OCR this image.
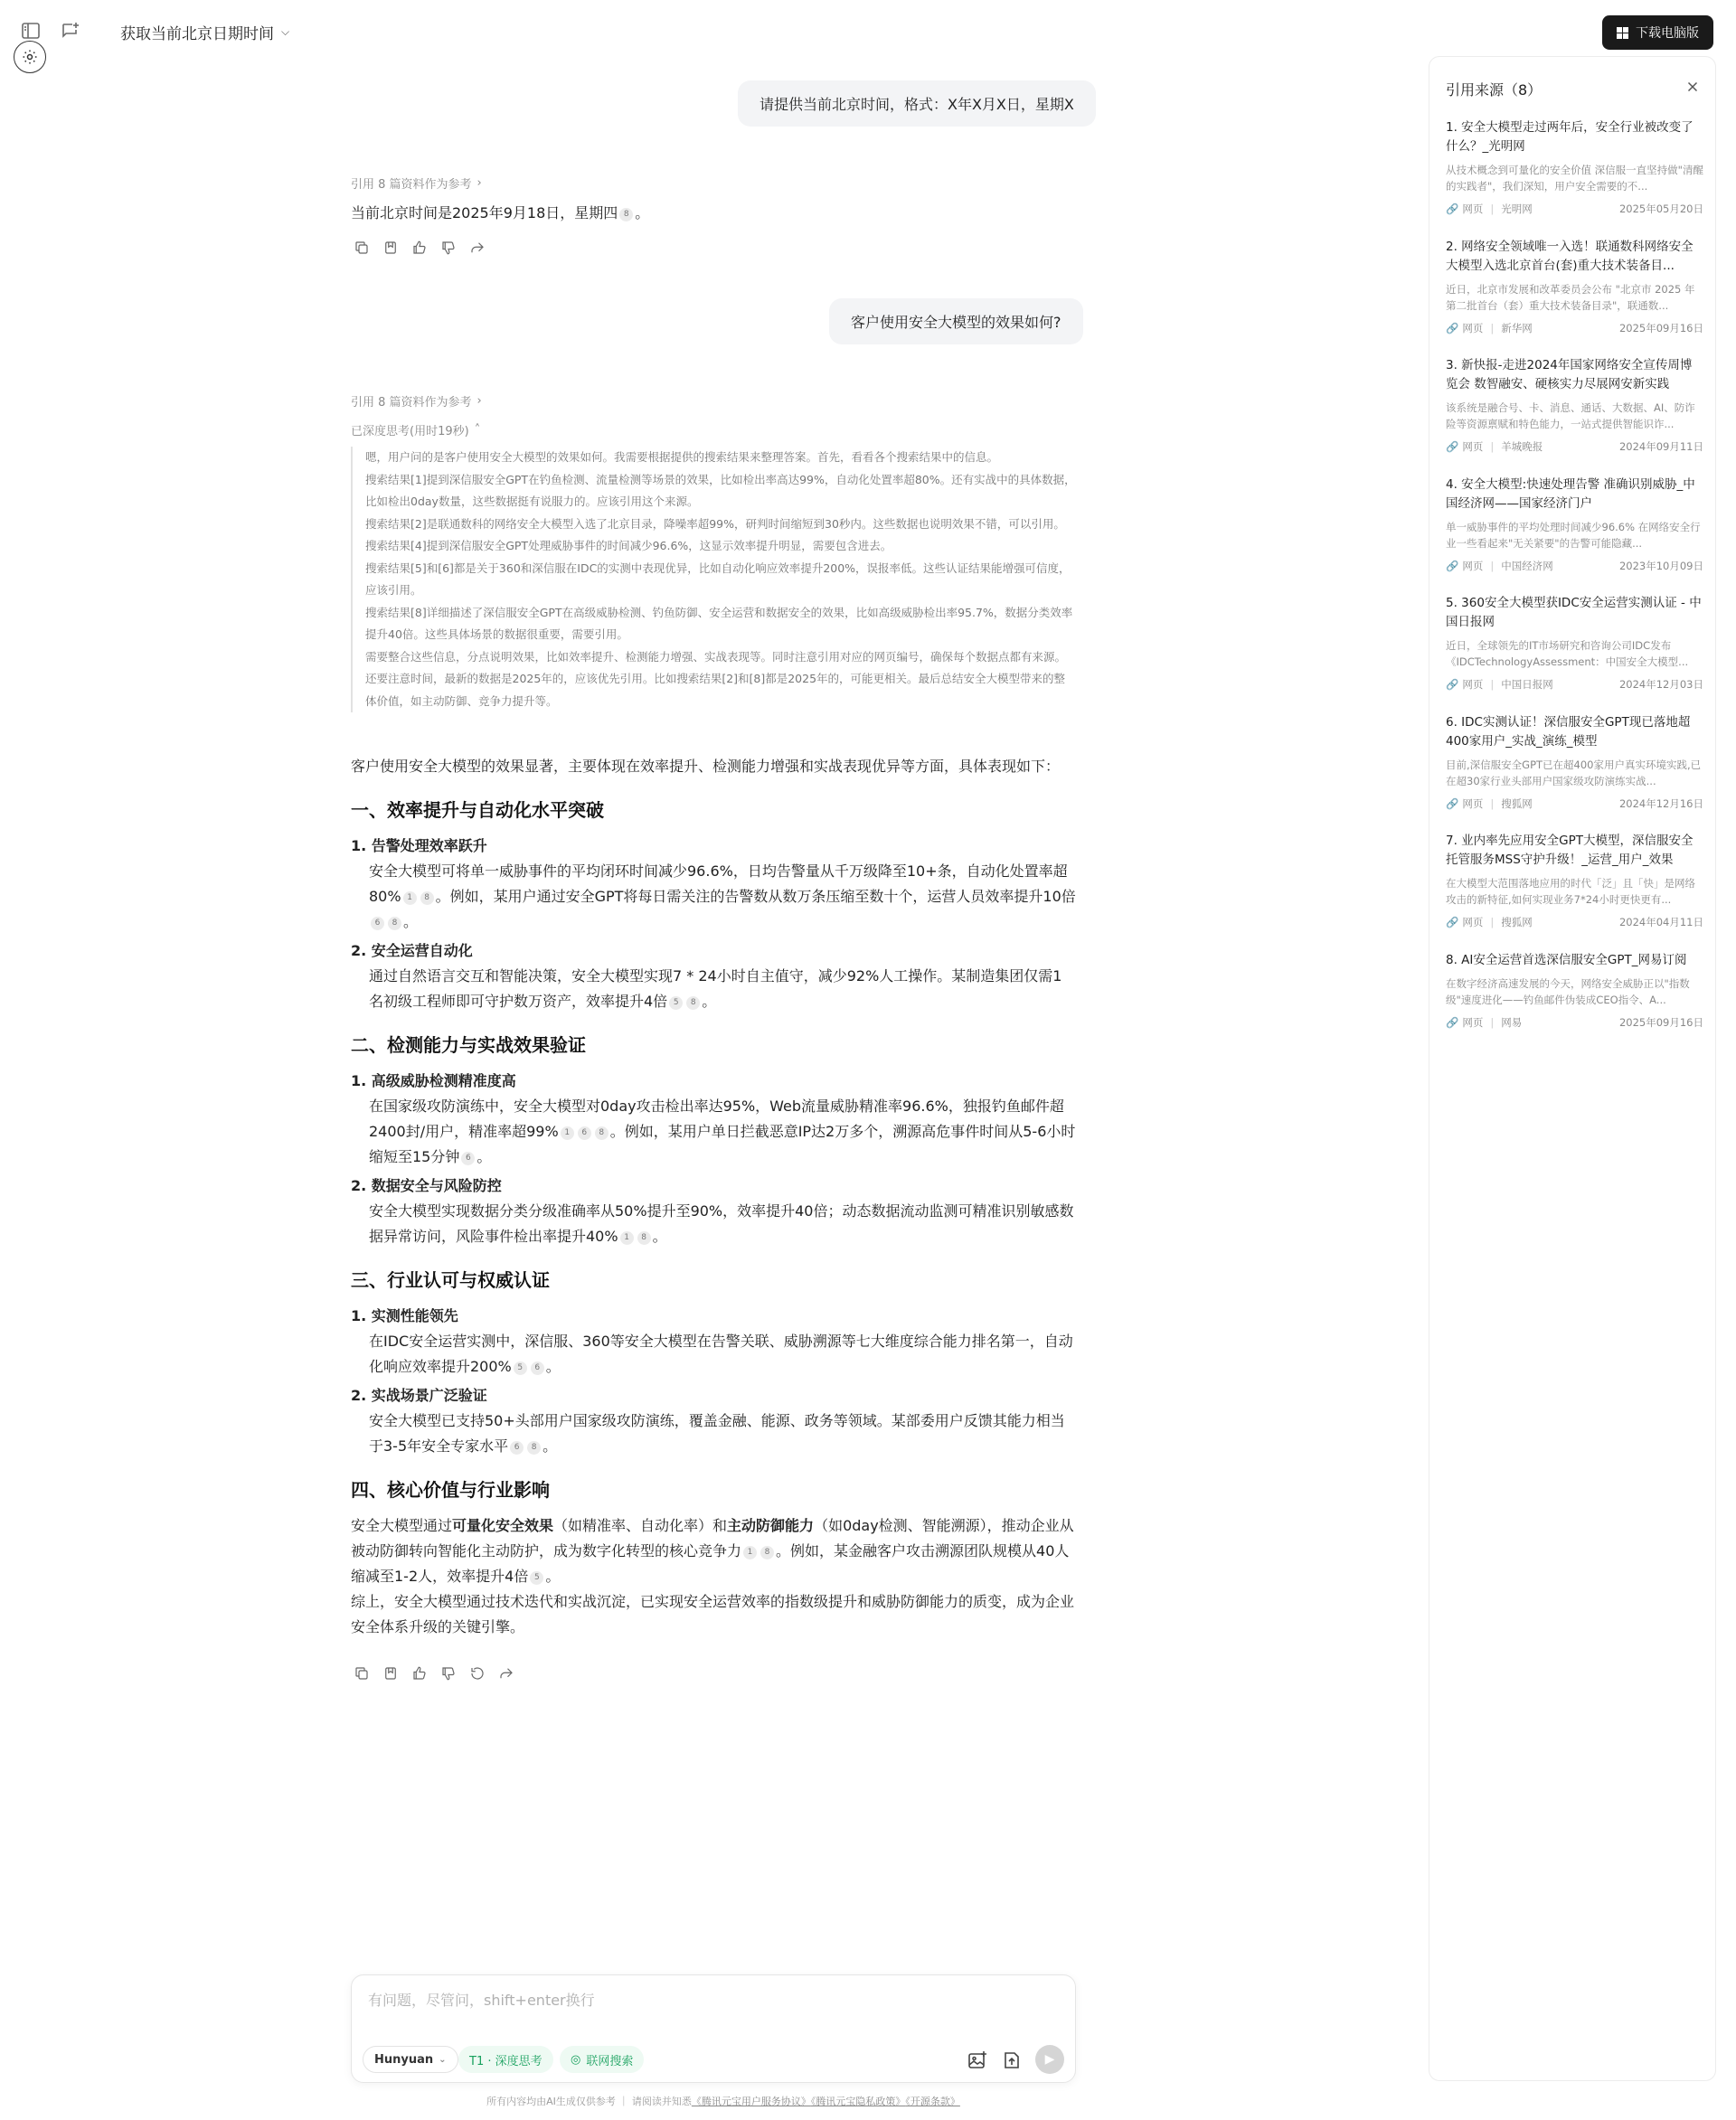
获取当前北京日期时间 ⌵	下载电脑版
请提供当前北京时间，格式：X年X月X日，星期X
引用 8 篇资料作为参考 ›
当前北京时间是2025年9月18日，星期四 8 。
客户使用安全大模型的效果如何?
引用 8 篇资料作为参考 ›
已深度思考(用时19秒) ˄

嗯，用户问的是客户使用安全大模型的效果如何。我需要根据提供的搜索结果来整理答案。首先，看看各个搜索结果中的信息。

搜索结果[1]提到深信服安全GPT在钓鱼检测、流量检测等场景的效果，比如检出率高达99%，自动化处置率超80%。还有实战中的具体数据，比如检出0day数量，这些数据挺有说服力的。应该引用这个来源。

搜索结果[2]是联通数科的网络安全大模型入选了北京目录，降噪率超99%，研判时间缩短到30秒内。这些数据也说明效果不错，可以引用。

搜索结果[4]提到深信服安全GPT处理威胁事件的时间减少96.6%，这显示效率提升明显，需要包含进去。

搜索结果[5]和[6]都是关于360和深信服在IDC的实测中表现优异，比如自动化响应效率提升200%，误报率低。这些认证结果能增强可信度，应该引用。

搜索结果[8]详细描述了深信服安全GPT在高级威胁检测、钓鱼防御、安全运营和数据安全的效果，比如高级威胁检出率95.7%，数据分类效率提升40倍。这些具体场景的数据很重要，需要引用。

需要整合这些信息，分点说明效果，比如效率提升、检测能力增强、实战表现等。同时注意引用对应的网页编号，确保每个数据点都有来源。还要注意时间，最新的数据是2025年的，应该优先引用。比如搜索结果[2]和[8]都是2025年的，可能更相关。最后总结安全大模型带来的整体价值，如主动防御、竞争力提升等。

客户使用安全大模型的效果显著，主要体现在效率提升、检测能力增强和实战表现优异等方面，具体表现如下：
一、效率提升与自动化水平突破
1. 告警处理效率跃升
安全大模型可将单一威胁事件的平均闭环时间减少96.6%，日均告警量从千万级降至10+条，自动化处置率超80% 1 8 。例如，某用户通过安全GPT将每日需关注的告警数从数万条压缩至数十个，运营人员效率提升10倍
6 8 。
2. 安全运营自动化
通过自然语言交互和智能决策，安全大模型实现7 * 24小时自主值守，减少92%人工操作。某制造集团仅需1名初级工程师即可守护数万资产，效率提升4倍 5 8 。
二、检测能力与实战效果验证
1. 高级威胁检测精准度高
在国家级攻防演练中，安全大模型对0day攻击检出率达95%，Web流量威胁精准率96.6%，独报钓鱼邮件超2400封/用户，精准率超99% 1 6 8 。例如，某用户单日拦截恶意IP达2万多个，溯源高危事件时间从5-6小时缩短至15分钟 6 。
2. 数据安全与风险防控
安全大模型实现数据分类分级准确率从50%提升至90%，效率提升40倍；动态数据流动监测可精准识别敏感数据异常访问，风险事件检出率提升40% 1 8 。
三、行业认可与权威认证
1. 实测性能领先
在IDC安全运营实测中，深信服、360等安全大模型在告警关联、威胁溯源等七大维度综合能力排名第一，自动化响应效率提升200% 5 6 。
2. 实战场景广泛验证
安全大模型已支持50+头部用户国家级攻防演练，覆盖金融、能源、政务等领域。某部委用户反馈其能力相当于3-5年安全专家水平 6 8 。
四、核心价值与行业影响
安全大模型通过可量化安全效果（如精准率、自动化率）和主动防御能力（如0day检测、智能溯源），推动企业从被动防御转向智能化主动防护，成为数字化转型的核心竞争力 1 8 。例如，某金融客户攻击溯源团队规模从40人缩减至1-2人，效率提升4倍 5 。
综上，安全大模型通过技术迭代和实战沉淀，已实现安全运营效率的指数级提升和威胁防御能力的质变，成为企业安全体系升级的关键引擎。
有问题，尽管问，shift+enter换行
Hunyuan ⌄ T1 · 深度思考 ◎ 联网搜索	▶
所有内容均由AI生成仅供参考 ｜ 请阅读并知悉《腾讯元宝用户服务协议》《腾讯元宝隐私政策》《开源条款》
引用来源（8）
1. 安全大模型走过两年后，安全行业被改变了什么？_光明网
从技术概念到可量化的安全价值 深信服一直坚持做"清醒的实践者"，我们深知，用户安全需要的不...
🔗 网页 | 光明网	2025年05月20日
2. 网络安全领域唯一入选！联通数科网络安全大模型入选北京首台(套)重大技术装备目...
近日，北京市发展和改革委员会公布 "北京市 2025 年第二批首台（套）重大技术装备目录"，联通数...
🔗 网页 | 新华网	2025年09月16日
3. 新快报-走进2024年国家网络安全宣传周博览会 数智融安、硬核实力尽展网安新实践
该系统是融合号、卡、消息、通话、大数据、AI、防诈险等资源禀赋和特色能力，一站式提供智能识诈...
🔗 网页 | 羊城晚报	2024年09月11日
4. 安全大模型:快速处理告警 准确识别威胁_中国经济网——国家经济门户
单一威胁事件的平均处理时间减少96.6% 在网络安全行业一些看起来"无关紧要"的告警可能隐藏...
🔗 网页 | 中国经济网	2023年10月09日
5. 360安全大模型获IDC安全运营实测认证 - 中国日报网
近日，全球领先的IT市场研究和咨询公司IDC发布《IDCTechnologyAssessment：中国安全大模型...
🔗 网页 | 中国日报网	2024年12月03日
6. IDC实测认证！深信服安全GPT现已落地超400家用户_实战_演练_模型
目前,深信服安全GPT已在超400家用户真实环境实践,已在超30家行业头部用户国家级攻防演练实战...
🔗 网页 | 搜狐网	2024年12月16日
7. 业内率先应用安全GPT大模型，深信服安全托管服务MSS守护升级！_运营_用户_效果
在大模型大范围落地应用的时代「泛」且「快」是网络攻击的新特征,如何实现业务7*24小时更快更有...
🔗 网页 | 搜狐网	2024年04月11日
8. AI安全运营首选深信服安全GPT_网易订阅
在数字经济高速发展的今天，网络安全威胁正以"指数级"速度进化——钓鱼邮件伪装成CEO指令、A...
🔗 网页 | 网易	2025年09月16日
